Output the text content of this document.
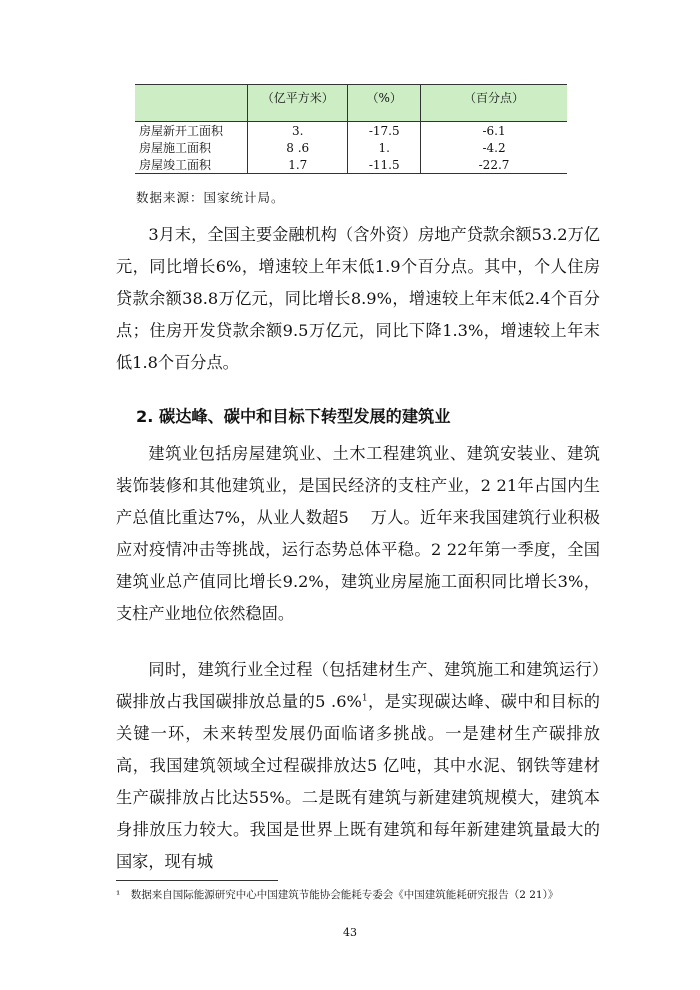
	（亿平方米）	（%）	（百分点）
房屋新开工面积	3.	-17.5	-6.1
房屋施工面积	8 .6	1.	-4.2
房屋竣工面积	1.7	-11.5	-22.7
数据来源：国家统计局。

3月末，全国主要金融机构（含外资）房地产贷款余额53.2万亿元，同比增长6%，增速较上年末低1.9个百分点。其中，个人住房贷款余额38.8万亿元，同比增长8.9%，增速较上年末低2.4个百分点；住房开发贷款余额9.5万亿元，同比下降1.3%，增速较上年末低1.8个百分点。

2. 碳达峰、碳中和目标下转型发展的建筑业

建筑业包括房屋建筑业、土木工程建筑业、建筑安装业、建筑装饰装修和其他建筑业，是国民经济的支柱产业，2 21年占国内生产总值比重达7%，从业人数超5　 万人。近年来我国建筑行业积极应对疫情冲击等挑战，运行态势总体平稳。2 22年第一季度，全国建筑业总产值同比增长9.2%，建筑业房屋施工面积同比增长3%，支柱产业地位依然稳固。

同时，建筑行业全过程（包括建材生产、建筑施工和建筑运行）碳排放占我国碳排放总量的5 .6%$^1$，是实现碳达峰、碳中和目标的关键一环，未来转型发展仍面临诸多挑战。一是建材生产碳排放高，我国建筑领域全过程碳排放达5 亿吨，其中水泥、钢铁等建材生产碳排放占比达55%。二是既有建筑与新建建筑规模大，建筑本身排放压力较大。我国是世界上既有建筑和每年新建建筑量最大的国家，现有城

¹　数据来自国际能源研究中心中国建筑节能协会能耗专委会《中国建筑能耗研究报告（2 21）》
43
